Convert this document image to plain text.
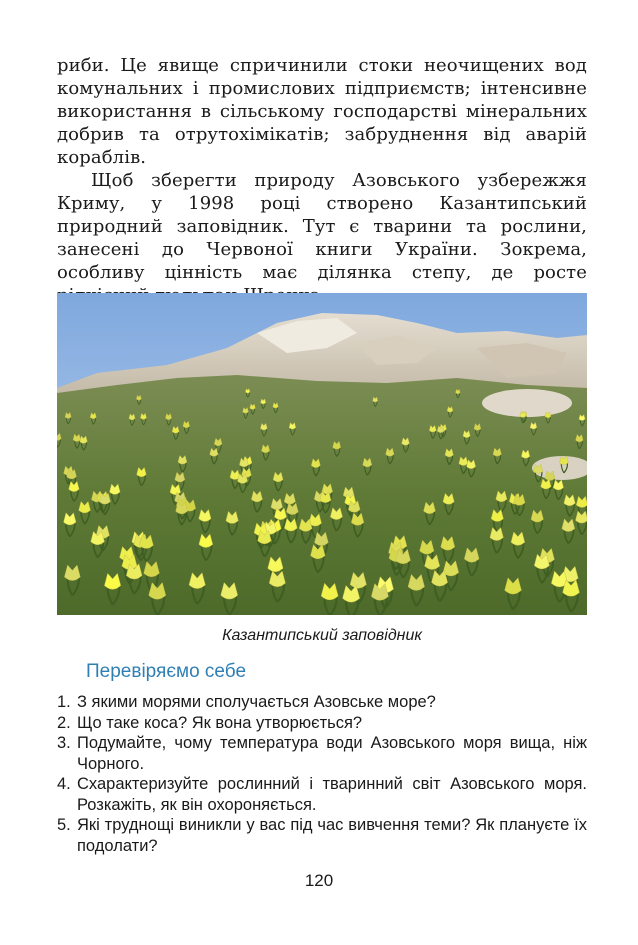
риби. Це явище спричинили стоки неочищених вод комунальних і промислових підприємств; інтенсивне використання в сільському господарстві мінеральних добрив та отрутохімікатів; забруднення від аварій кораблів.

Щоб зберегти природу Азовського узбережжя Криму, у 1998 році створено Казантипський природний заповідник. Тут є тварини та рослини, занесені до Червоної книги України. Зокрема, особливу цінність має ділянка степу, де росте

Казантипський заповідник
Перевіряємо себе
1. З якими морями сполучається Азовське море?
2. Що таке коса? Як вона утворюється?
3. Подумайте, чому температура води Азовського моря вища, ніж Чорного.
4. Схарактеризуйте рослинний і тваринний світ Азовського моря. Розкажіть, як він охороняється.
5. Які труднощі виникли у вас під час вивчення теми? Як плануєте їх подолати?
120
